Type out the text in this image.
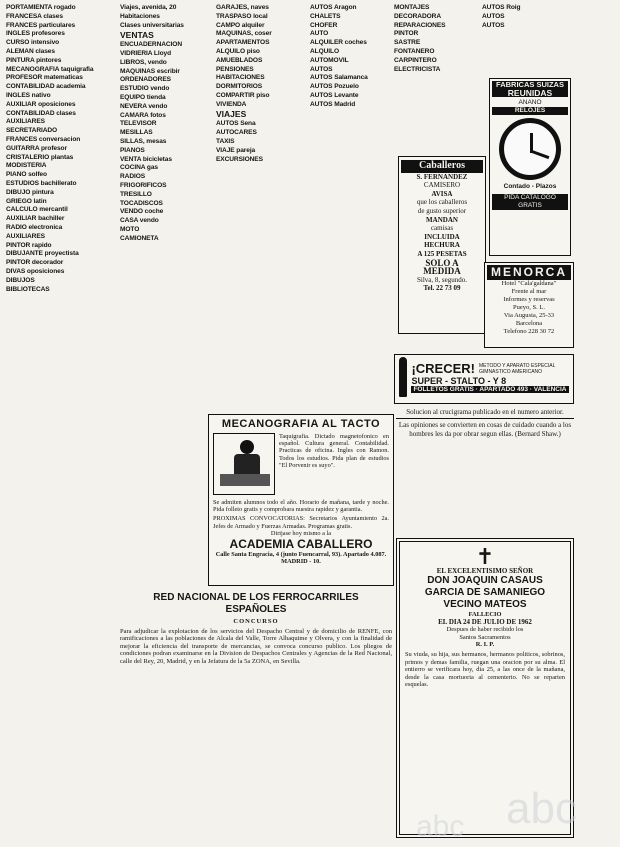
PORTAMIENTA rogado
FRANCESA clases
FRANCES particulares
INGLES profesores
CURSO intensivo
ALEMAN clases
PINTURA pintores
MECANOGRAFIA taquigrafia
PROFESOR matematicas
CONTABILIDAD academia
INGLES nativo
AUXILIAR oposiciones
CONTABILIDAD clases
AUXILIARES
SECRETARIADO
FRANCES conversacion
GUITARRA profesor
CRISTALERIO plantas
MODISTERIA
PIANO solfeo
ESTUDIOS bachillerato
DIBUJO pintura
GRIEGO latin
CALCULO mercantil
AUXILIAR bachiller
RADIO electronica
AUXILIARES
PINTOR rapido
DIBUJANTE proyectista
PINTOR decorador
DIVAS oposiciones
DIBUJOS
BIBLIOTECAS
Viajes, avenida, 20
Habitaciones
Clases universitarias
VENTAS
ENCUADERNACION
VIDRIERIA Lloyd
LIBROS, vendo
MAQUINAS escribir
ORDENADORES
ESTUDIO vendo
EQUIPO tienda
NEVERA vendo
CAMARA fotos
TELEVISOR
MESILLAS
SILLAS, mesas
PIANOS
VENTA bicicletas
COCINA gas
RADIOS
FRIGORIFICOS
TRESILLO
TOCADISCOS
VENDO coche
CASA vendo
MOTO
CAMIONETA
GARAJES, naves
TRASPASO local
CAMPO alquiler
MAQUINAS, coser
APARTAMENTOS
ALQUILO piso
AMUEBLADOS
PENSIONES
HABITACIONES
DORMITORIOS
COMPARTIR piso
VIVIENDA
VIAJES
AUTOS Sena
AUTOCARES
TAXIS
VIAJE pareja
EXCURSIONES
AUTOS Aragon
CHALETS
CHOFER
AUTO
ALQUILER coches
ALQUILO
AUTOMOVIL
AUTOS
AUTOS Salamanca
AUTOS Pozuelo
AUTOS Levante
AUTOS Madrid
MONTAJES
DECORADORA
REPARACIONES
PINTOR
SASTRE
FONTANERO
CARPINTERO
ELECTRICISTA
AUTOS Roig
AUTOS
AUTOS
Caballeros
S. FERNANDEZ
CAMISERO
AVISA
que los caballeros
de gusto superior
MANDAN
camisas
INCLUIDA
HECHURA
A 125 PESETAS
SOLO A
MEDIDA
Silva, 8, segundo.
Tel. 22 73 09
FABRICAS SUIZAS
REUNIDAS
ANANO
RELOJES
Contado - Plazos
PIDA CATALOGO GRATIS
MENORCA
Hotel "Cala'galdana"
Frente al mar
Informes y reservas
Pueyo, S. L.
Via Augusta, 25-33
Barcelona
Telefono 228 30 72
¡CRECER! METODO Y APARATO ESPECIAL
GIMNASTICO AMERICANO
SUPER - STALTO - Y 8
FOLLETOS GRATIS · APARTADO 493 · VALENCIA
Solucion al crucigrama publicado en el numero anterior.
Las opiniones se convierten en cosas de cuidado cuando a los hombres les da por obrar segun ellas. (Bernard Shaw.)
✝
EL EXCELENTISIMO SEÑOR
DON JOAQUIN CASAUS
GARCIA DE SAMANIEGO
VECINO MATEOS
FALLECIO
EL DIA 24 DE JULIO DE 1962
Despues de haber recibido los
Santos Sacramentos
R. I. P.
Su viuda, su hija, sus hermanos, hermanos politicos, sobrinos, primos y demas familia, ruegan una oracion por su alma. El entierro se verificara hoy, dia 25, a las once de la mañana, desde la casa mortuoria al cementerio. No se reparten esquelas.
MECANOGRAFIA AL TACTO
Taquigrafia. Dictado magnetofonico en español. Cultura general. Contabilidad. Practicas de oficina. Ingles con Ramon. Todos los estudios. Pida plan de estudios "El Porvenir es suyo".
Se admiten alumnos todo el año. Horario de mañana, tarde y noche. Pida folleto gratis y comprobara nuestra rapidez y garantia.
PROXIMAS CONVOCATORIAS: Secretarios Ayuntamiento 2a. Jefes de Armado y Fuerzas Armadas. Programas gratis.
Dirijase hoy mismo a la
ACADEMIA CABALLERO
Calle Santa Engracia, 4 (junto Fuencarral, 93). Apartado 4.087. MADRID - 10.
RED NACIONAL DE LOS FERROCARRILES ESPAÑOLES
CONCURSO
Para adjudicar la explotacion de los servicios del Despacho Central y de domicilio de RENFE, con ramificaciones a las poblaciones de Alcala del Valle, Torre Alhaquime y Olvera, y con la finalidad de mejorar la eficiencia del transporte de mercancias, se convoca concurso publico. Los pliegos de condiciones podran examinarse en la Division de Despachos Centrales y Agencias de la Red Nacional, calle del Rey, 20, Madrid, y en la Jefatura de la 5a ZONA, en Sevilla.
abc
abc
